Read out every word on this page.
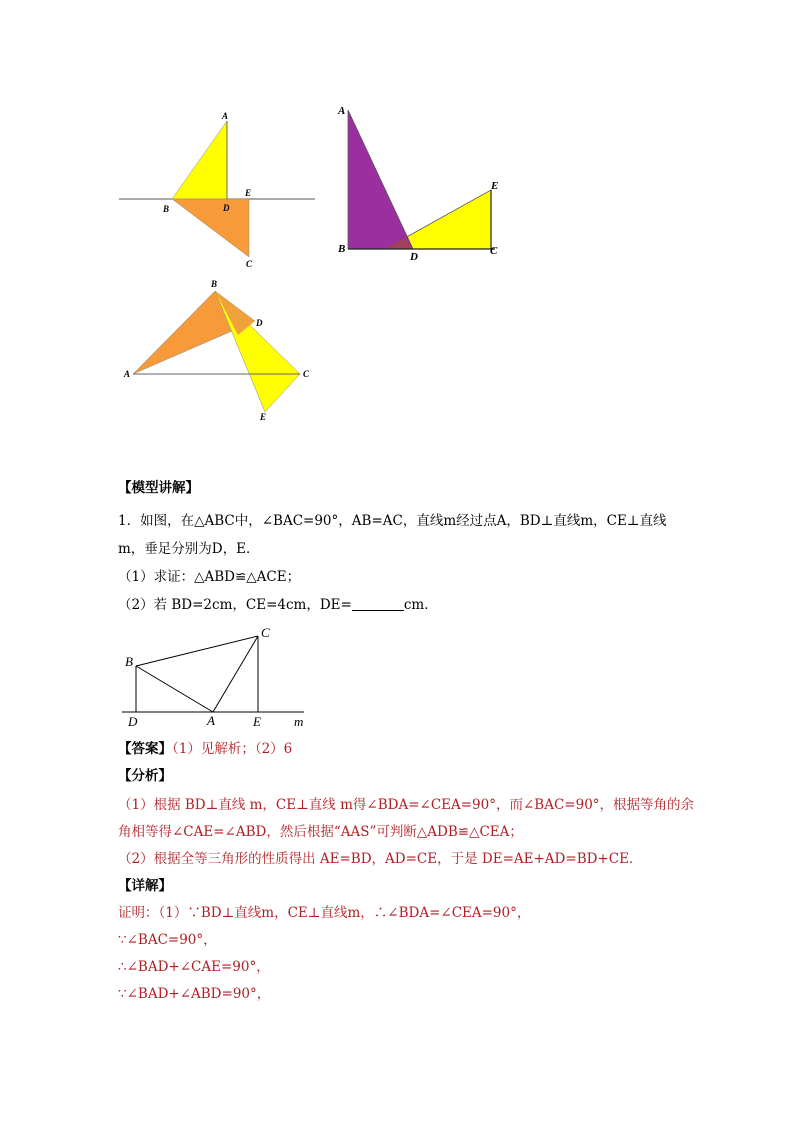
A
B	D
E
C
A
B
D
E
C
B
D
A	C
E
【模型讲解】
1．如图，在△ABC中，∠BAC=90°，AB=AC，直线m经过点A，BD⊥直线m，CE⊥直线
m，垂足分别为D，E．
（1）求证：△ABD≌△ACE；
（2）若 BD=2cm，CE=4cm，DE=	cm．
C
B
D	A	E	m
【答案】（1）见解析；（2）6
【分析】
（1）根据 BD⊥直线 m，CE⊥直线 m得∠BDA=∠CEA=90°，而∠BAC=90°，根据等角的余
角相等得∠CAE=∠ABD，然后根据“AAS”可判断△ADB≌△CEA；
（2）根据全等三角形的性质得出 AE=BD，AD=CE，于是 DE=AE+AD=BD+CE．
【详解】
证明：（1）∵BD⊥直线m，CE⊥直线m，∴∠BDA=∠CEA=90°，
∵∠BAC=90°，
∴∠BAD+∠CAE=90°，
∵∠BAD+∠ABD=90°，
